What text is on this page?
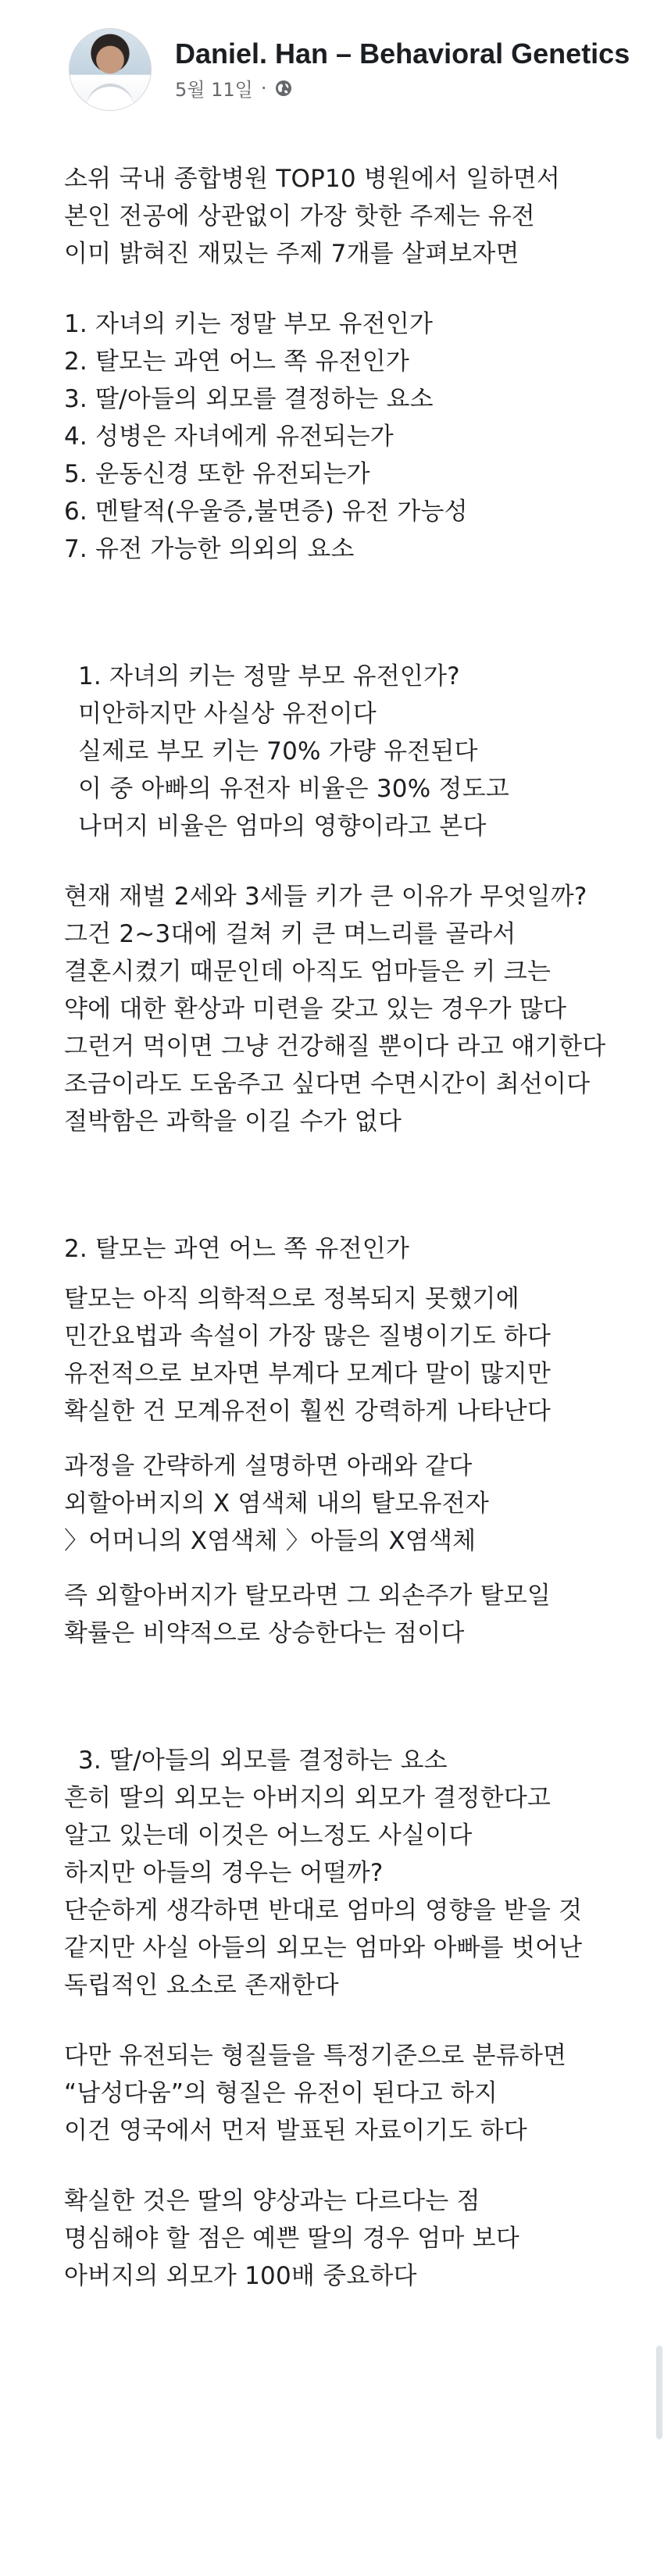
Daniel. Han – Behavioral Genetics
5월 11일 ·
소위 국내 종합병원 TOP10 병원에서 일하면서
본인 전공에 상관없이 가장 핫한 주제는 유전
이미 밝혀진 재밌는 주제 7개를 살펴보자면
1. 자녀의 키는 정말 부모 유전인가
2. 탈모는 과연 어느 쪽 유전인가
3. 딸/아들의 외모를 결정하는 요소
4. 성병은 자녀에게 유전되는가
5. 운동신경 또한 유전되는가
6. 멘탈적(우울증,불면증) 유전 가능성
7. 유전 가능한 의외의 요소
1. 자녀의 키는 정말 부모 유전인가?
미안하지만 사실상 유전이다
실제로 부모 키는 70% 가량 유전된다
이 중 아빠의 유전자 비율은 30% 정도고
나머지 비율은 엄마의 영향이라고 본다
현재 재벌 2세와 3세들 키가 큰 이유가 무엇일까?
그건 2~3대에 걸쳐 키 큰 며느리를 골라서
결혼시켰기 때문인데 아직도 엄마들은 키 크는
약에 대한 환상과 미련을 갖고 있는 경우가 많다
그런거 먹이면 그냥 건강해질 뿐이다 라고 얘기한다
조금이라도 도움주고 싶다면 수면시간이 최선이다
절박함은 과학을 이길 수가 없다
2. 탈모는 과연 어느 쪽 유전인가
탈모는 아직 의학적으로 정복되지 못했기에
민간요법과 속설이 가장 많은 질병이기도 하다
유전적으로 보자면 부계다 모계다 말이 많지만
확실한 건 모계유전이 훨씬 강력하게 나타난다
과정을 간략하게 설명하면 아래와 같다
외할아버지의 X 염색체 내의 탈모유전자
〉어머니의 X염색체 〉아들의 X염색체
즉 외할아버지가 탈모라면 그 외손주가 탈모일
확률은 비약적으로 상승한다는 점이다
3. 딸/아들의 외모를 결정하는 요소
흔히 딸의 외모는 아버지의 외모가 결정한다고
알고 있는데 이것은 어느정도 사실이다
하지만 아들의 경우는 어떨까?
단순하게 생각하면 반대로 엄마의 영향을 받을 것
같지만 사실 아들의 외모는 엄마와 아빠를 벗어난
독립적인 요소로 존재한다
다만 유전되는 형질들을 특정기준으로 분류하면
“남성다움”의 형질은 유전이 된다고 하지
이건 영국에서 먼저 발표된 자료이기도 하다
확실한 것은 딸의 양상과는 다르다는 점
명심해야 할 점은 예쁜 딸의 경우 엄마 보다
아버지의 외모가 100배 중요하다
